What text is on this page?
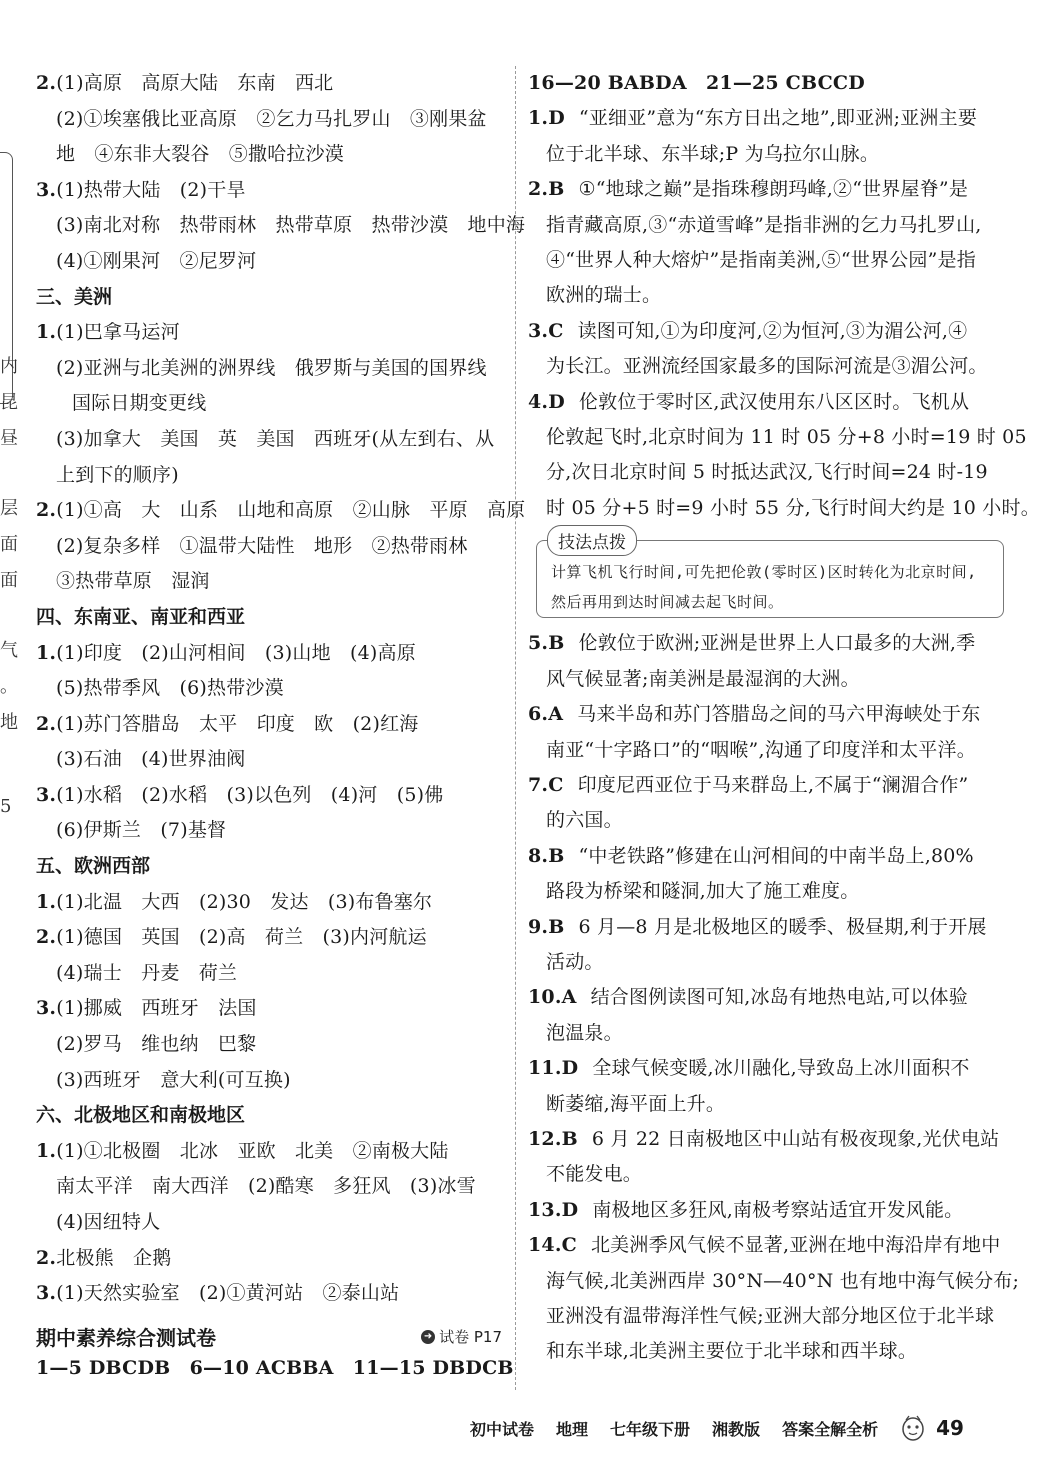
内
昆
昼
层
面
面
气
。
地
5
2.(1)高原　高原大陆　东南　西北
(2)①埃塞俄比亚高原　②乞力马扎罗山　③刚果盆
地　④东非大裂谷　⑤撒哈拉沙漠
3.(1)热带大陆　(2)干旱
(3)南北对称　热带雨林　热带草原　热带沙漠　地中海
(4)①刚果河　②尼罗河
三、美洲
1.(1)巴拿马运河
(2)亚洲与北美洲的洲界线　俄罗斯与美国的国界线
国际日期变更线
(3)加拿大　美国　英　美国　西班牙(从左到右、从
上到下的顺序)
2.(1)①高　大　山系　山地和高原　②山脉　平原　高原
(2)复杂多样　①温带大陆性　地形　②热带雨林
③热带草原　湿润
四、东南亚、南亚和西亚
1.(1)印度　(2)山河相间　(3)山地　(4)高原
(5)热带季风　(6)热带沙漠
2.(1)苏门答腊岛　太平　印度　欧　(2)红海
(3)石油　(4)世界油阀
3.(1)水稻　(2)水稻　(3)以色列　(4)河　(5)佛
(6)伊斯兰　(7)基督
五、欧洲西部
1.(1)北温　大西　(2)30　发达　(3)布鲁塞尔
2.(1)德国　英国　(2)高　荷兰　(3)内河航运
(4)瑞士　丹麦　荷兰
3.(1)挪威　西班牙　法国
(2)罗马　维也纳　巴黎
(3)西班牙　意大利(可互换)
六、北极地区和南极地区
1.(1)①北极圈　北冰　亚欧　北美　②南极大陆
南太平洋　南大西洋　(2)酷寒　多狂风　(3)冰雪
(4)因纽特人
2.北极熊　企鹅
3.(1)天然实验室　(2)①黄河站　②泰山站
期中素养综合测试卷	➜ 试卷 P17
1—5 DBCDB　6—10 ACBBA　11—15 DBDCB
16—20 BABDA　21—25 CBCCD
1.D “亚细亚”意为“东方日出之地”,即亚洲;亚洲主要
位于北半球、东半球;P 为乌拉尔山脉。
2.B ①“地球之巅”是指珠穆朗玛峰,②“世界屋脊”是
指青藏高原,③“赤道雪峰”是指非洲的乞力马扎罗山,
④“世界人种大熔炉”是指南美洲,⑤“世界公园”是指
欧洲的瑞士。
3.C 读图可知,①为印度河,②为恒河,③为湄公河,④
为长江。亚洲流经国家最多的国际河流是③湄公河。
4.D 伦敦位于零时区,武汉使用东八区区时。飞机从
伦敦起飞时,北京时间为 11 时 05 分+8 小时=19 时 05
分,次日北京时间 5 时抵达武汉,飞行时间=24 时-19
时 05 分+5 时=9 小时 55 分,飞行时间大约是 10 小时。
技法点拨
计算飞机飞行时间,可先把伦敦(零时区)区时转化为北京时间,然后再用到达时间减去起飞时间。
5.B 伦敦位于欧洲;亚洲是世界上人口最多的大洲,季
风气候显著;南美洲是最湿润的大洲。
6.A 马来半岛和苏门答腊岛之间的马六甲海峡处于东
南亚“十字路口”的“咽喉”,沟通了印度洋和太平洋。
7.C 印度尼西亚位于马来群岛上,不属于“澜湄合作”
的六国。
8.B “中老铁路”修建在山河相间的中南半岛上,80%
路段为桥梁和隧洞,加大了施工难度。
9.B 6 月—8 月是北极地区的暖季、极昼期,利于开展
活动。
10.A 结合图例读图可知,冰岛有地热电站,可以体验
泡温泉。
11.D 全球气候变暖,冰川融化,导致岛上冰川面积不
断萎缩,海平面上升。
12.B 6 月 22 日南极地区中山站有极夜现象,光伏电站
不能发电。
13.D 南极地区多狂风,南极考察站适宜开发风能。
14.C 北美洲季风气候不显著,亚洲在地中海沿岸有地中
海气候,北美洲西岸 30°N—40°N 也有地中海气候分布;
亚洲没有温带海洋性气候;亚洲大部分地区位于北半球
和东半球,北美洲主要位于北半球和西半球。
初中试卷 地理 七年级下册 湘教版 答案全解全析	49
